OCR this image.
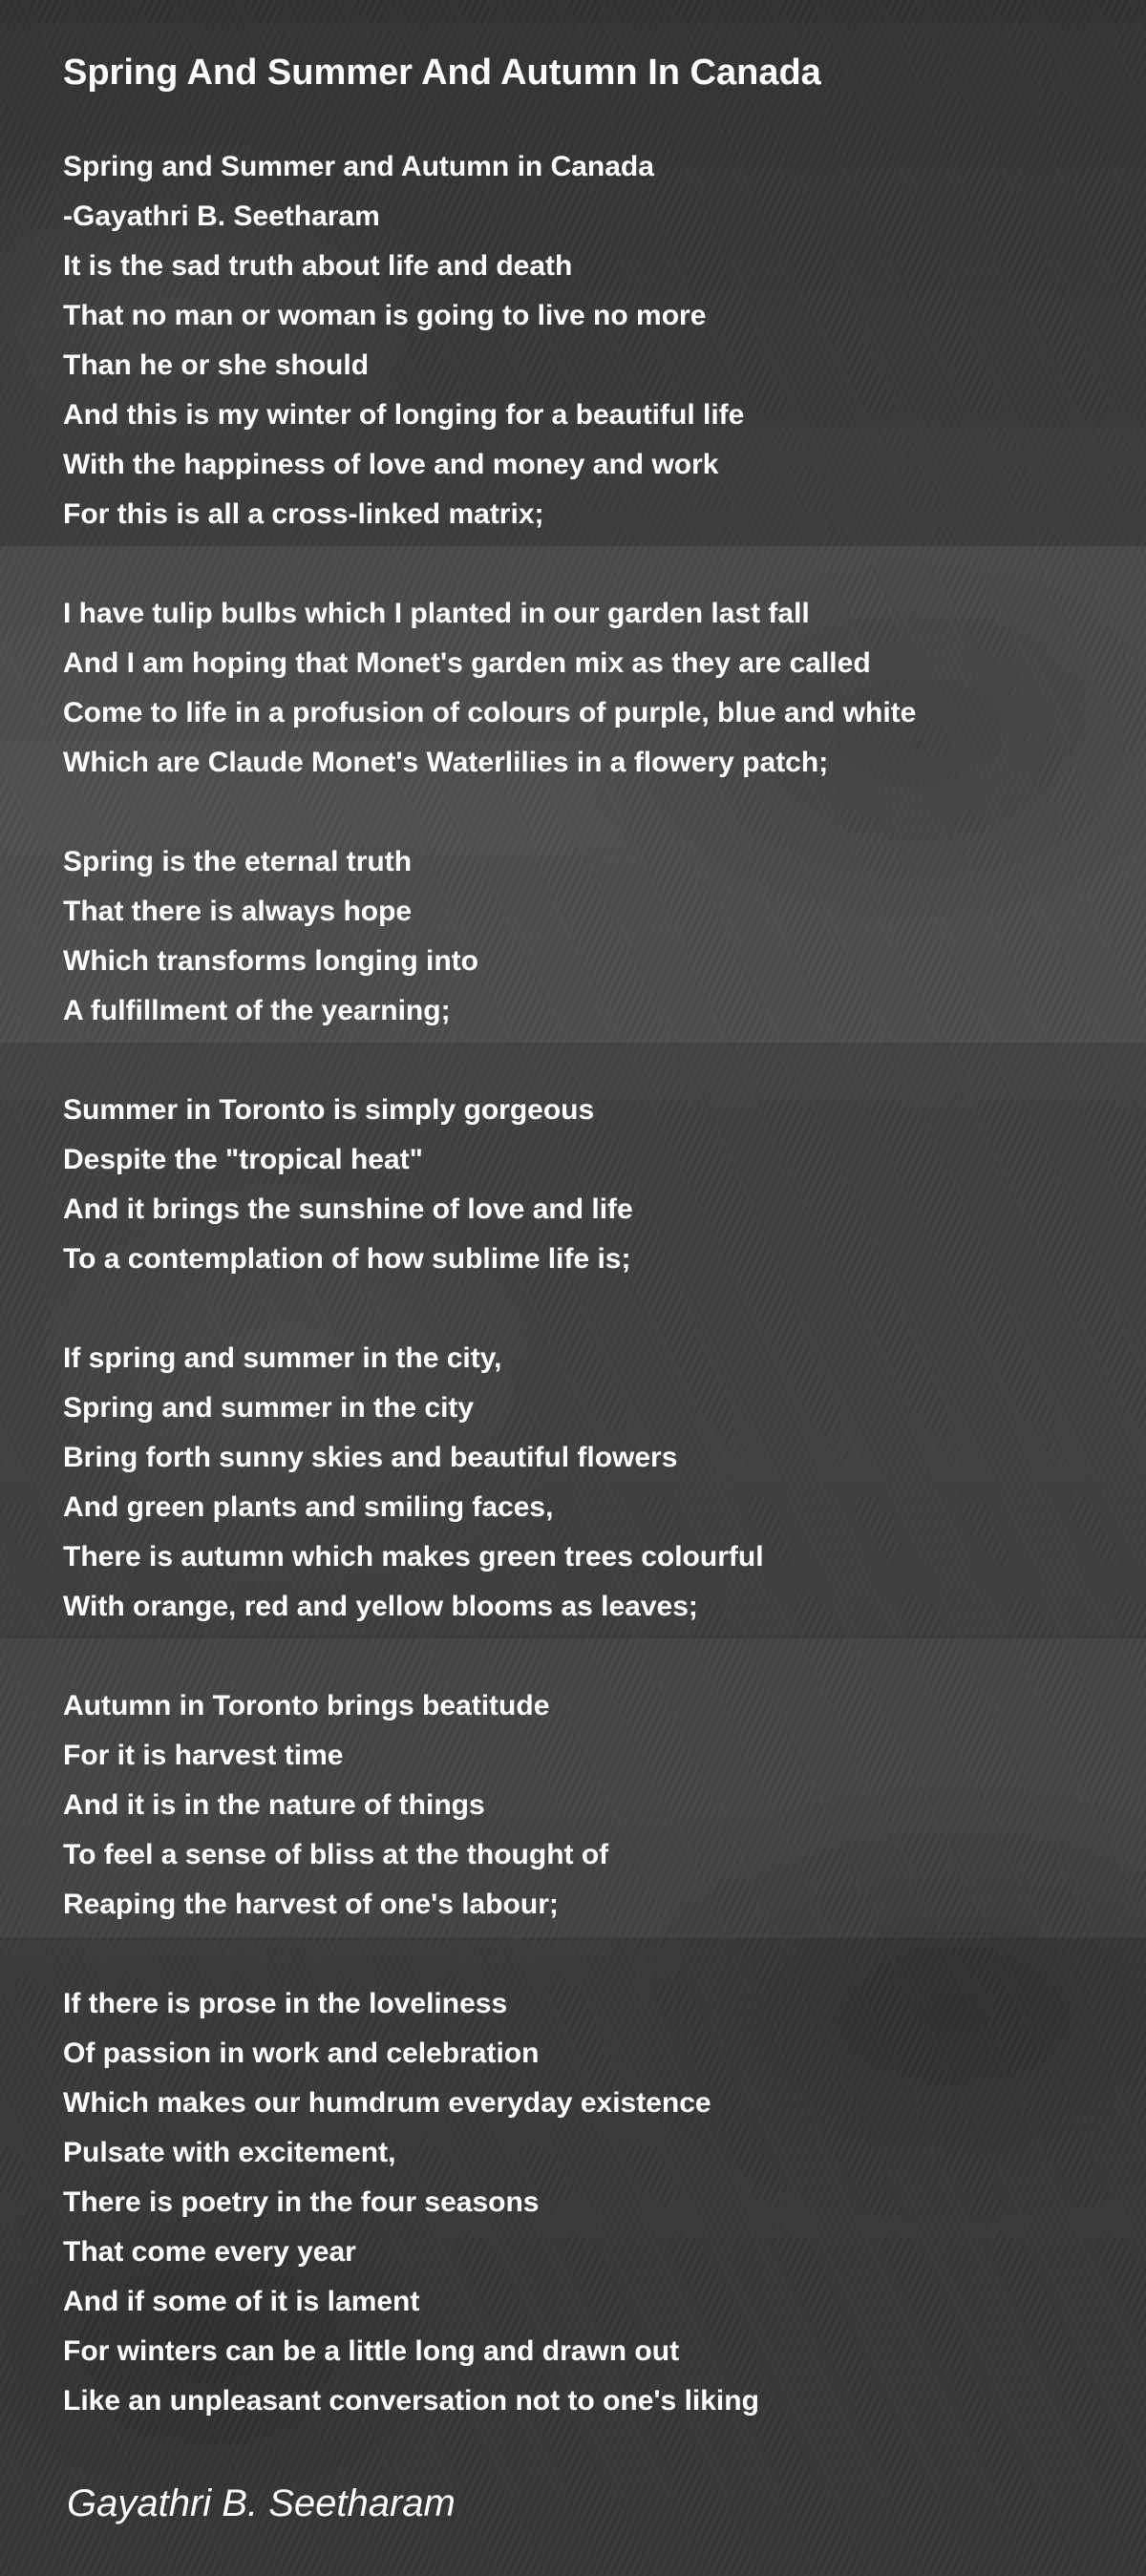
Spring And Summer And Autumn In Canada
Spring and Summer and Autumn in Canada
-Gayathri B. Seetharam
It is the sad truth about life and death
That no man or woman is going to live no more
Than he or she should
And this is my winter of longing for a beautiful life
With the happiness of love and money and work
For this is all a cross-linked matrix;
I have tulip bulbs which I planted in our garden last fall
And I am hoping that Monet's garden mix as they are called
Come to life in a profusion of colours of purple, blue and white
Which are Claude Monet's Waterlilies in a flowery patch;
Spring is the eternal truth
That there is always hope
Which transforms longing into
A fulfillment of the yearning;
Summer in Toronto is simply gorgeous
Despite the "tropical heat"
And it brings the sunshine of love and life
To a contemplation of how sublime life is;
If spring and summer in the city,
Spring and summer in the city
Bring forth sunny skies and beautiful flowers
And green plants and smiling faces,
There is autumn which makes green trees colourful
With orange, red and yellow blooms as leaves;
Autumn in Toronto brings beatitude
For it is harvest time
And it is in the nature of things
To feel a sense of bliss at the thought of
Reaping the harvest of one's labour;
If there is prose in the loveliness
Of passion in work and celebration
Which makes our humdrum everyday existence
Pulsate with excitement,
There is poetry in the four seasons
That come every year
And if some of it is lament
For winters can be a little long and drawn out
Like an unpleasant conversation not to one's liking

Gayathri B. Seetharam
